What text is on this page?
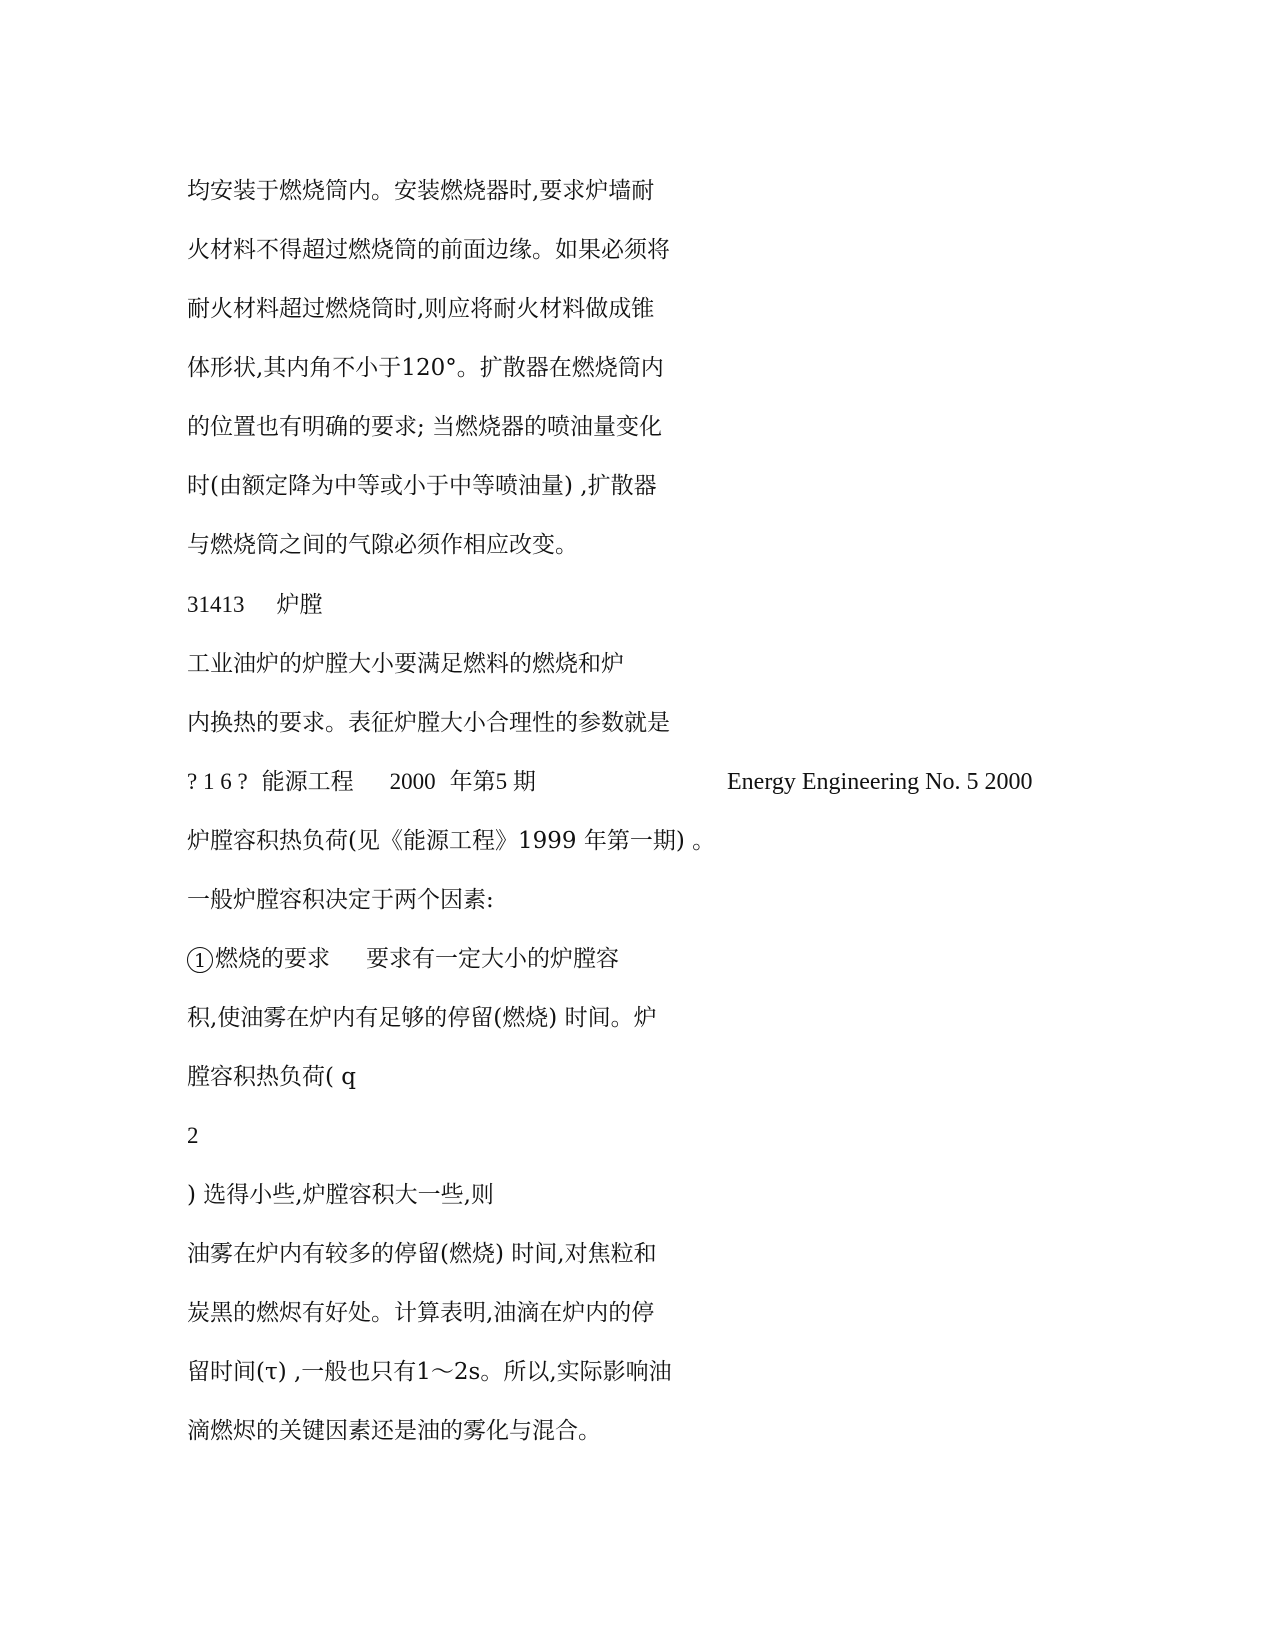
均安装于燃烧筒内。安装燃烧器时,要求炉墙耐
火材料不得超过燃烧筒的前面边缘。如果必须将
耐火材料超过燃烧筒时,则应将耐火材料做成锥
体形状,其内角不小于120°。扩散器在燃烧筒内
的位置也有明确的要求; 当燃烧器的喷油量变化
时(由额定降为中等或小于中等喷油量) ,扩散器
与燃烧筒之间的气隙必须作相应改变。
31413 炉膛
工业油炉的炉膛大小要满足燃料的燃烧和炉
内换热的要求。表征炉膛大小合理性的参数就是
? 1 6 ? 能源工程 2000 年第5 期	Energy Engineering No. 5 2000
炉膛容积热负荷(见《能源工程》1999 年第一期) 。
一般炉膛容积决定于两个因素:
1 燃烧的要求 要求有一定大小的炉膛容
积,使油雾在炉内有足够的停留(燃烧) 时间。炉
膛容积热负荷( q
2
) 选得小些,炉膛容积大一些,则
油雾在炉内有较多的停留(燃烧) 时间,对焦粒和
炭黑的燃烬有好处。计算表明,油滴在炉内的停
留时间(τ) ,一般也只有1～2s。所以,实际影响油
滴燃烬的关键因素还是油的雾化与混合。
